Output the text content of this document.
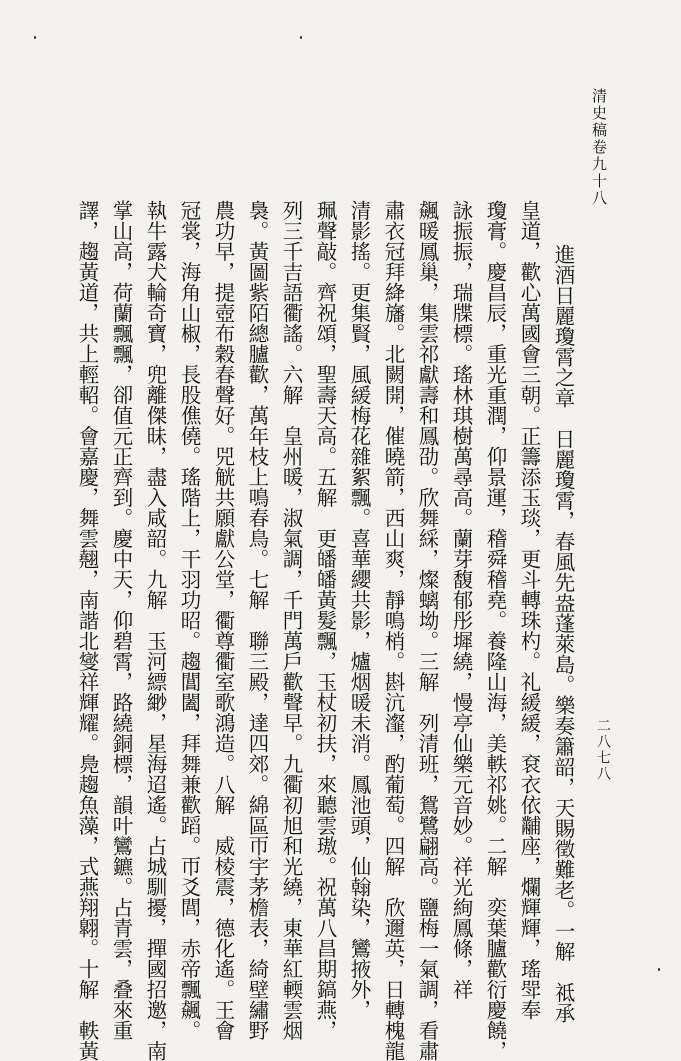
清史稿卷九十八
二八七八
進酒日麗瓊霄之章　日麗瓊霄，春風先盎蓬萊島。樂奏簫韶，天賜徵難老。一解　祗承
皇道，歡心萬國會三朝。正籌添玉琰，更斗轉珠杓。礼緩緩，袞衣依黼座，爛輝輝，瑤斝奉
瓊膏。慶昌辰，重光重潤，仰景運，稽舜稽堯。養隆山海，美軼祁姚。二解　奕葉臚歡衍慶饒，
詠振振，瑞牒標。瑤林琪樹萬尋高。蘭芽馥郁彤墀繞，慢亭仙樂元音妙。祥光絢鳳條，祥
飆暖鳳巢，集雲祁獻壽和鳳劭。欣舞綵，燦螭坳。三解　列清班，鴛鷺翩高。鹽梅一氣調，看肅
肅衣冠拜絳旛。北闕開，催曉箭，西山爽，靜鳴梢。斟沆瀣，酌葡萄。四解　欣邇英，日轉槐龍
清影搖。更集賢，風緩梅花雜絮飄。喜華纓共影，爐烟暖未消。鳳池頭，仙翰染，鸞掖外，
珮聲敲。齊祝頌，聖壽天高。五解　更皤皤黃髮飄，玉杖初扶，來聽雲璈。祝萬八昌期鎬燕，
列三千吉語衢謠。六解　皇州暖，淑氣調，千門萬戶歡聲早。九衢初旭和光繞，東華紅輭雲烟
裊。黃圖紫陌總臚歡，萬年枝上鳴春鳥。七解　聯三殿，達四郊。綿區帀宇茅檐表，綺壁繡野
農功早，提壺布穀春聲好。兕觥共願獻公堂，衢尊衢室歌鴻造。八解　威棱震，德化遙。王會
冠裳，海角山椒，長股僬僥。瑤階上，干羽功昭。趨閶闔，拜舞兼歡蹈。帀爻閭，赤帝飄飆。
執牛露犬輪奇寶，兜離傑昧，盡入咸韶。九解　玉河縹緲，星海迢遙。占城馴擾，撣國招邀，南
掌山高，荷蘭飄飄，卻值元正齊到。慶中天，仰碧霄，路繞銅標，韻叶鸞鑣。占青雲，叠來重
譯，趨黃道，共上輕軺。會嘉慶，舞雲翹，南諧北燮祥輝耀。鳧趨魚藻，式燕翔翺。十解　軼黃
